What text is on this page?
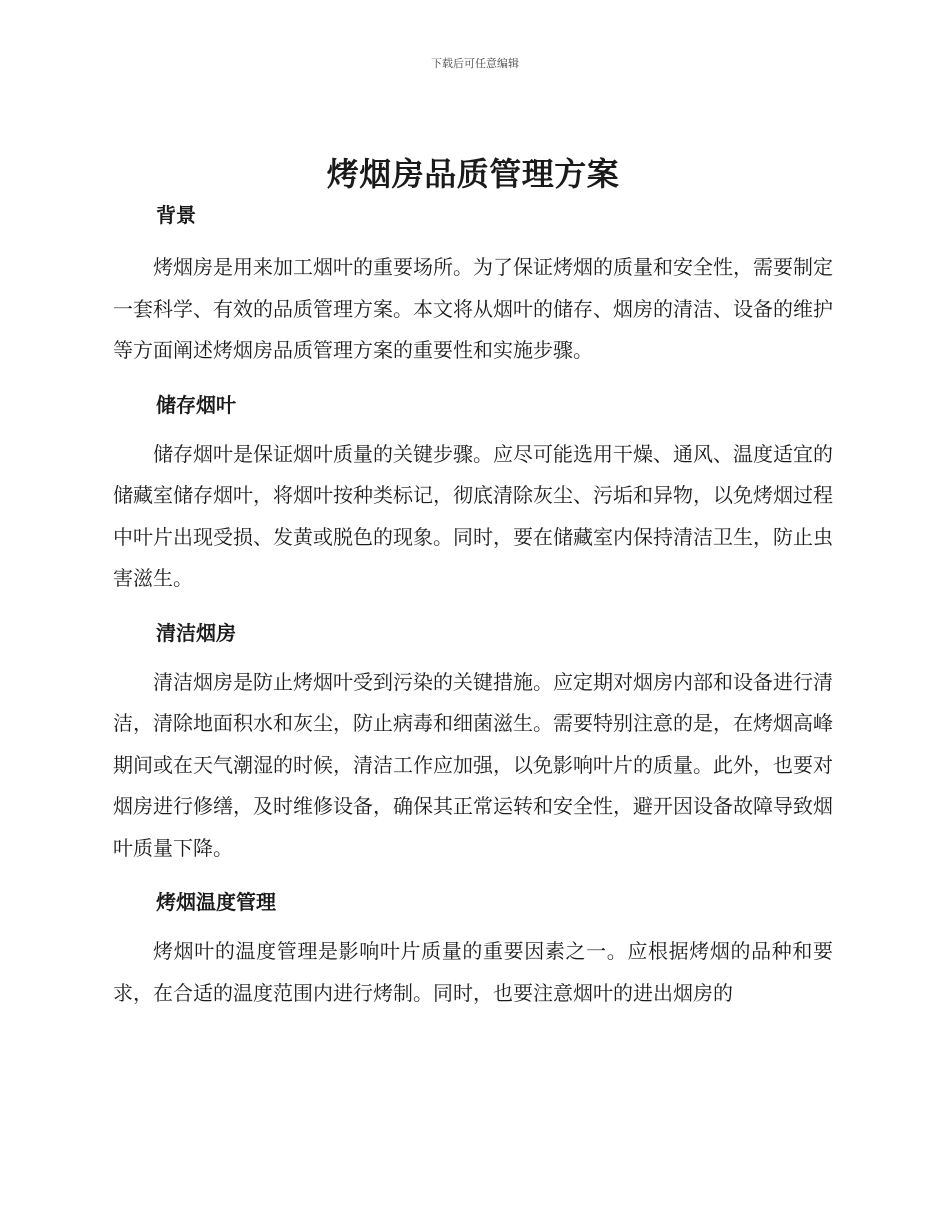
下载后可任意编辑
烤烟房品质管理方案
背景

烤烟房是用来加工烟叶的重要场所。为了保证烤烟的质量和安全性，需要制定一套科学、有效的品质管理方案。本文将从烟叶的储存、烟房的清洁、设备的维护等方面阐述烤烟房品质管理方案的重要性和实施步骤。

储存烟叶

储存烟叶是保证烟叶质量的关键步骤。应尽可能选用干燥、通风、温度适宜的储藏室储存烟叶，将烟叶按种类标记，彻底清除灰尘、污垢和异物，以免烤烟过程中叶片出现受损、发黄或脱色的现象。同时，要在储藏室内保持清洁卫生，防止虫害滋生。

清洁烟房

清洁烟房是防止烤烟叶受到污染的关键措施。应定期对烟房内部和设备进行清洁，清除地面积水和灰尘，防止病毒和细菌滋生。需要特别注意的是，在烤烟高峰期间或在天气潮湿的时候，清洁工作应加强，以免影响叶片的质量。此外，也要对烟房进行修缮，及时维修设备，确保其正常运转和安全性，避开因设备故障导致烟叶质量下降。

烤烟温度管理

烤烟叶的温度管理是影响叶片质量的重要因素之一。应根据烤烟的品种和要求，在合适的温度范围内进行烤制。同时，也要注意烟叶的进出烟房的
